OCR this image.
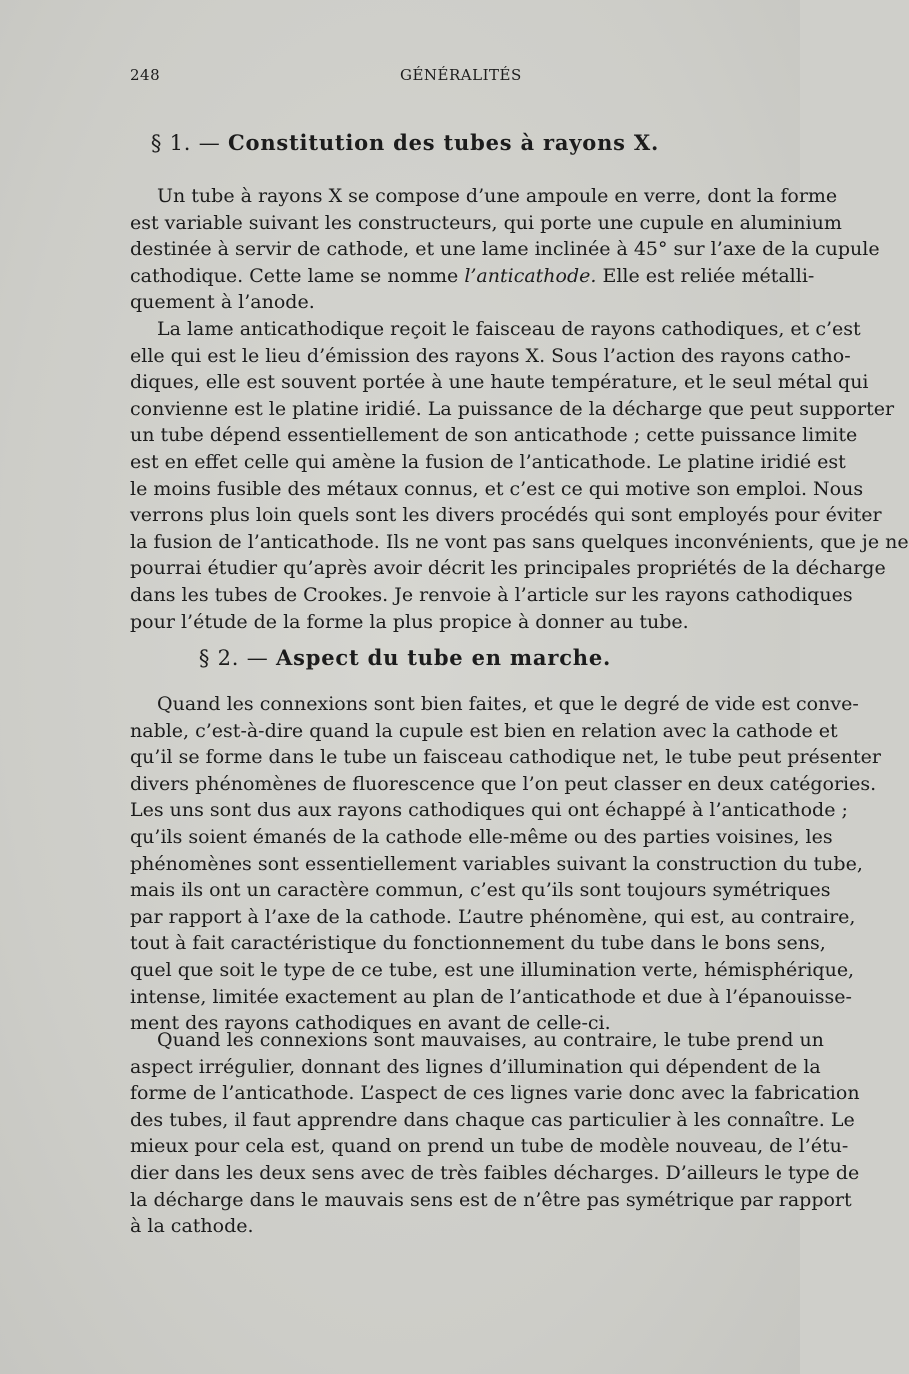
248	GÉNÉRALITÉS
§ 1. — Constitution des tubes à rayons X.
Un tube à rayons X se compose d’une ampoule en verre, dont la forme
est variable suivant les constructeurs, qui porte une cupule en aluminium
destinée à servir de cathode, et une lame inclinée à 45° sur l’axe de la cupule
cathodique. Cette lame se nomme l’anticathode. Elle est reliée métalli-
quement à l’anode.
La lame anticathodique reçoit le faisceau de rayons cathodiques, et c’est
elle qui est le lieu d’émission des rayons X. Sous l’action des rayons catho-
diques, elle est souvent portée à une haute température, et le seul métal qui
convienne est le platine iridié. La puissance de la décharge que peut supporter
un tube dépend essentiellement de son anticathode ; cette puissance limite
est en effet celle qui amène la fusion de l’anticathode. Le platine iridié est
le moins fusible des métaux connus, et c’est ce qui motive son emploi. Nous
verrons plus loin quels sont les divers procédés qui sont employés pour éviter
la fusion de l’anticathode. Ils ne vont pas sans quelques inconvénients, que je ne
pourrai étudier qu’après avoir décrit les principales propriétés de la décharge
dans les tubes de Crookes. Je renvoie à l’article sur les rayons cathodiques
pour l’étude de la forme la plus propice à donner au tube.
§ 2. — Aspect du tube en marche.
Quand les connexions sont bien faites, et que le degré de vide est conve-
nable, c’est-à-dire quand la cupule est bien en relation avec la cathode et
qu’il se forme dans le tube un faisceau cathodique net, le tube peut présenter
divers phénomènes de fluorescence que l’on peut classer en deux catégories.
Les uns sont dus aux rayons cathodiques qui ont échappé à l’anticathode ;
qu’ils soient émanés de la cathode elle-même ou des parties voisines, les
phénomènes sont essentiellement variables suivant la construction du tube,
mais ils ont un caractère commun, c’est qu’ils sont toujours symétriques
par rapport à l’axe de la cathode. L’autre phénomène, qui est, au contraire,
tout à fait caractéristique du fonctionnement du tube dans le bons sens,
quel que soit le type de ce tube, est une illumination verte, hémisphérique,
intense, limitée exactement au plan de l’anticathode et due à l’épanouisse-
ment des rayons cathodiques en avant de celle-ci.
Quand les connexions sont mauvaises, au contraire, le tube prend un
aspect irrégulier, donnant des lignes d’illumination qui dépendent de la
forme de l’anticathode. L’aspect de ces lignes varie donc avec la fabrication
des tubes, il faut apprendre dans chaque cas particulier à les connaître. Le
mieux pour cela est, quand on prend un tube de modèle nouveau, de l’étu-
dier dans les deux sens avec de très faibles décharges. D’ailleurs le type de
la décharge dans le mauvais sens est de n’être pas symétrique par rapport
à la cathode.
